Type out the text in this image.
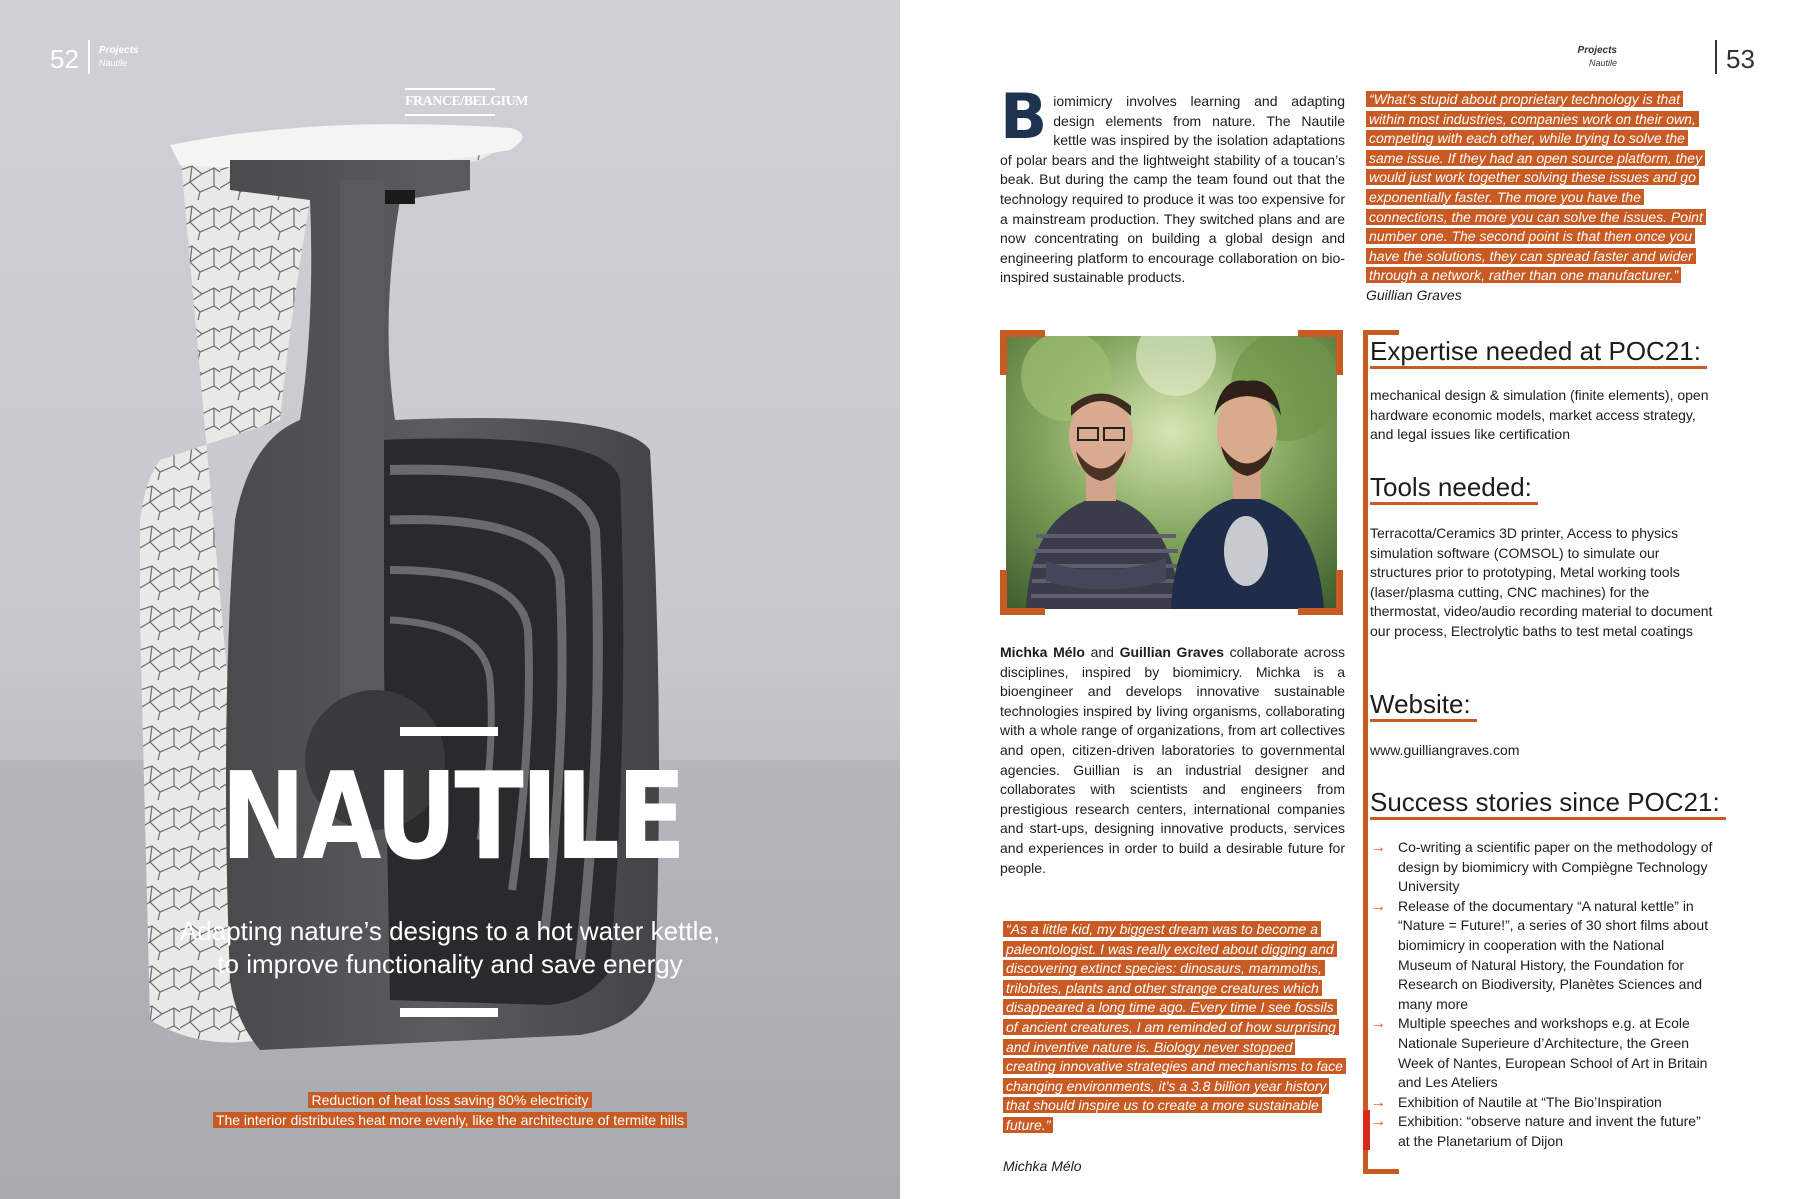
52 Projects
Nautile
FRANCE/BELGIUM
NAUTILE
Adapting nature’s designs to a hot water kettle,
to improve functionality and save energy
Reduction of heat loss saving 80% electricity
The interior distributes heat more evenly, like the architecture of termite hills
Projects
Nautile	53
Biomimicry involves learning and adapting design elements from nature. The Nautile kettle was inspired by the isolation adaptations of polar bears and the lightweight stability of a toucan’s beak. But during the camp the team found out that the technology required to produce it was too expensive for a mainstream production. They switched plans and are now concentrating on building a global design and engineering platform to encourage collaboration on bio-inspired sustainable products.
“What’s stupid about proprietary technology is that within most industries, companies work on their own, competing with each other, while trying to solve the same issue. If they had an open source platform, they would just work together solving these issues and go exponentially faster. The more you have the connections, the more you can solve the issues. Point number one. The second point is that then once you have the solutions, they can spread faster and wider through a network, rather than one manufacturer.” Guillian Graves
Michka Mélo and Guillian Graves collaborate across disciplines, inspired by biomimicry. Michka is a bioengineer and develops innovative sustainable technologies inspired by living organisms, collaborating with a whole range of organizations, from art collectives and open, citizen-driven laboratories to governmental agencies. Guillian is an industrial designer and collaborates with scientists and engineers from prestigious research centers, international companies and start-ups, designing innovative products, services and experiences in order to build a desirable future for people.
“As a little kid, my biggest dream was to become a paleontologist. I was really excited about digging and discovering extinct species: dinosaurs, mammoths, trilobites, plants and other strange creatures which disappeared a long time ago. Every time I see fossils of ancient creatures, I am reminded of how surprising and inventive nature is. Biology never stopped creating innovative strategies and mechanisms to face changing environments, it’s a 3.8 billion year history that should inspire us to create a more sustainable future.”
Michka Mélo
Expertise needed at POC21:
mechanical design & simulation (finite elements), open hardware economic models, market access strategy, and legal issues like certification
Tools needed:
Terracotta/Ceramics 3D printer, Access to physics simulation software (COMSOL) to simulate our structures prior to prototyping, Metal working tools (laser/plasma cutting, CNC machines) for the thermostat, video/audio recording material to document our process, Electrolytic baths to test metal coatings
Website:
www.guilliangraves.com
Success stories since POC21:
→ Co-writing a scientific paper on the methodology of design by biomimicry with Compiègne Technology University
→ Release of the documentary “A natural kettle” in “Nature = Future!”, a series of 30 short films about biomimicry in cooperation with the National Museum of Natural History, the Foundation for Research on Biodiversity, Planètes Sciences and many more
→ Multiple speeches and workshops e.g. at Ecole Nationale Superieure d’Architecture, the Green Week of Nantes, European School of Art in Britain and Les Ateliers
→ Exhibition of Nautile at “The Bio’Inspiration
→ Exhibition: “observe nature and invent the future” at the Planetarium of Dijon
